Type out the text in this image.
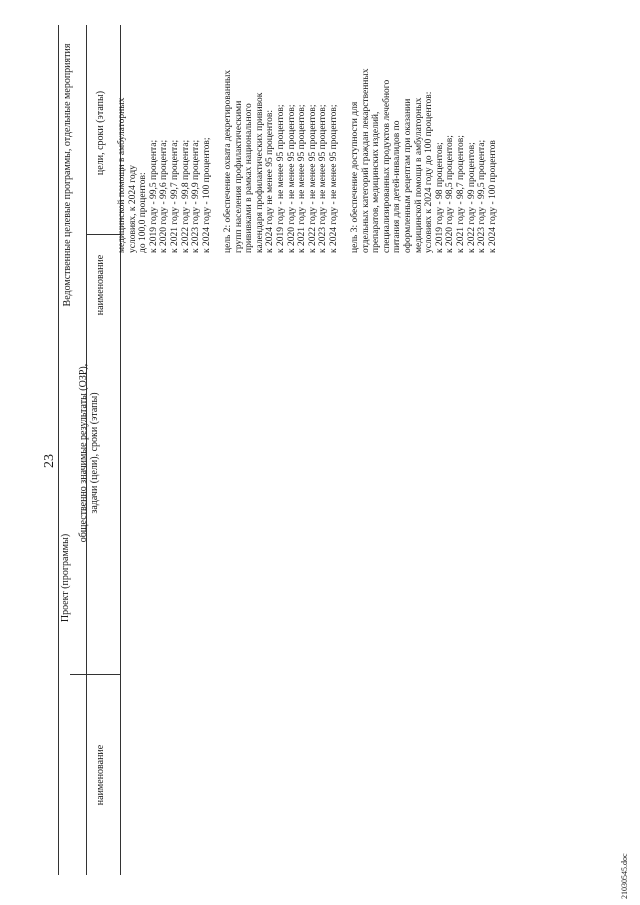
23
Проект (программы)
наименование
общественно значимые результаты (ОЗР), задачи (цели), сроки (этапы)
Ведомственные целевые программы, отдельные мероприятия наименование
цели, сроки (этапы) медицинской помощи в амбулаторных условиях, к 2024 году до 100,0 процентов: к 2019 году - 99,5 процента; к 2020 году - 99,6 процента; к 2021 году - 99,7 процента; к 2022 году - 99,8 процента; к 2023 году - 99,9 процента; к 2024 году - 100 процентов; цель 2: обеспечение охвата декретированных групп населения профилактическими прививками в рамках национального календаря профилактических прививок к 2024 году не менее 95 процентов: к 2019 году - не менее 95 процентов; к 2020 году - не менее 95 процентов; к 2021 году - не менее 95 процентов; к 2022 году - не менее 95 процентов; к 2023 году - не менее 95 процентов; к 2024 году - не менее 95 процентов; цель 3: обеспечение доступности для отдельных категорий граждан лекарственных препаратов, медицинских изделий, специализированных продуктов лечебного питания для детей-инвалидов по оформленным рецептам при оказании медицинской помощи в амбулаторных условиях к 2024 году до 100 процентов: к 2019 году - 98 процентов; к 2020 году - 98,5 процентов; к 2021 году - 98,7 процентов; к 2022 году - 99 процентов; к 2023 году - 99,5 процента; к 2024 году - 100 процентов
21030545.doc
